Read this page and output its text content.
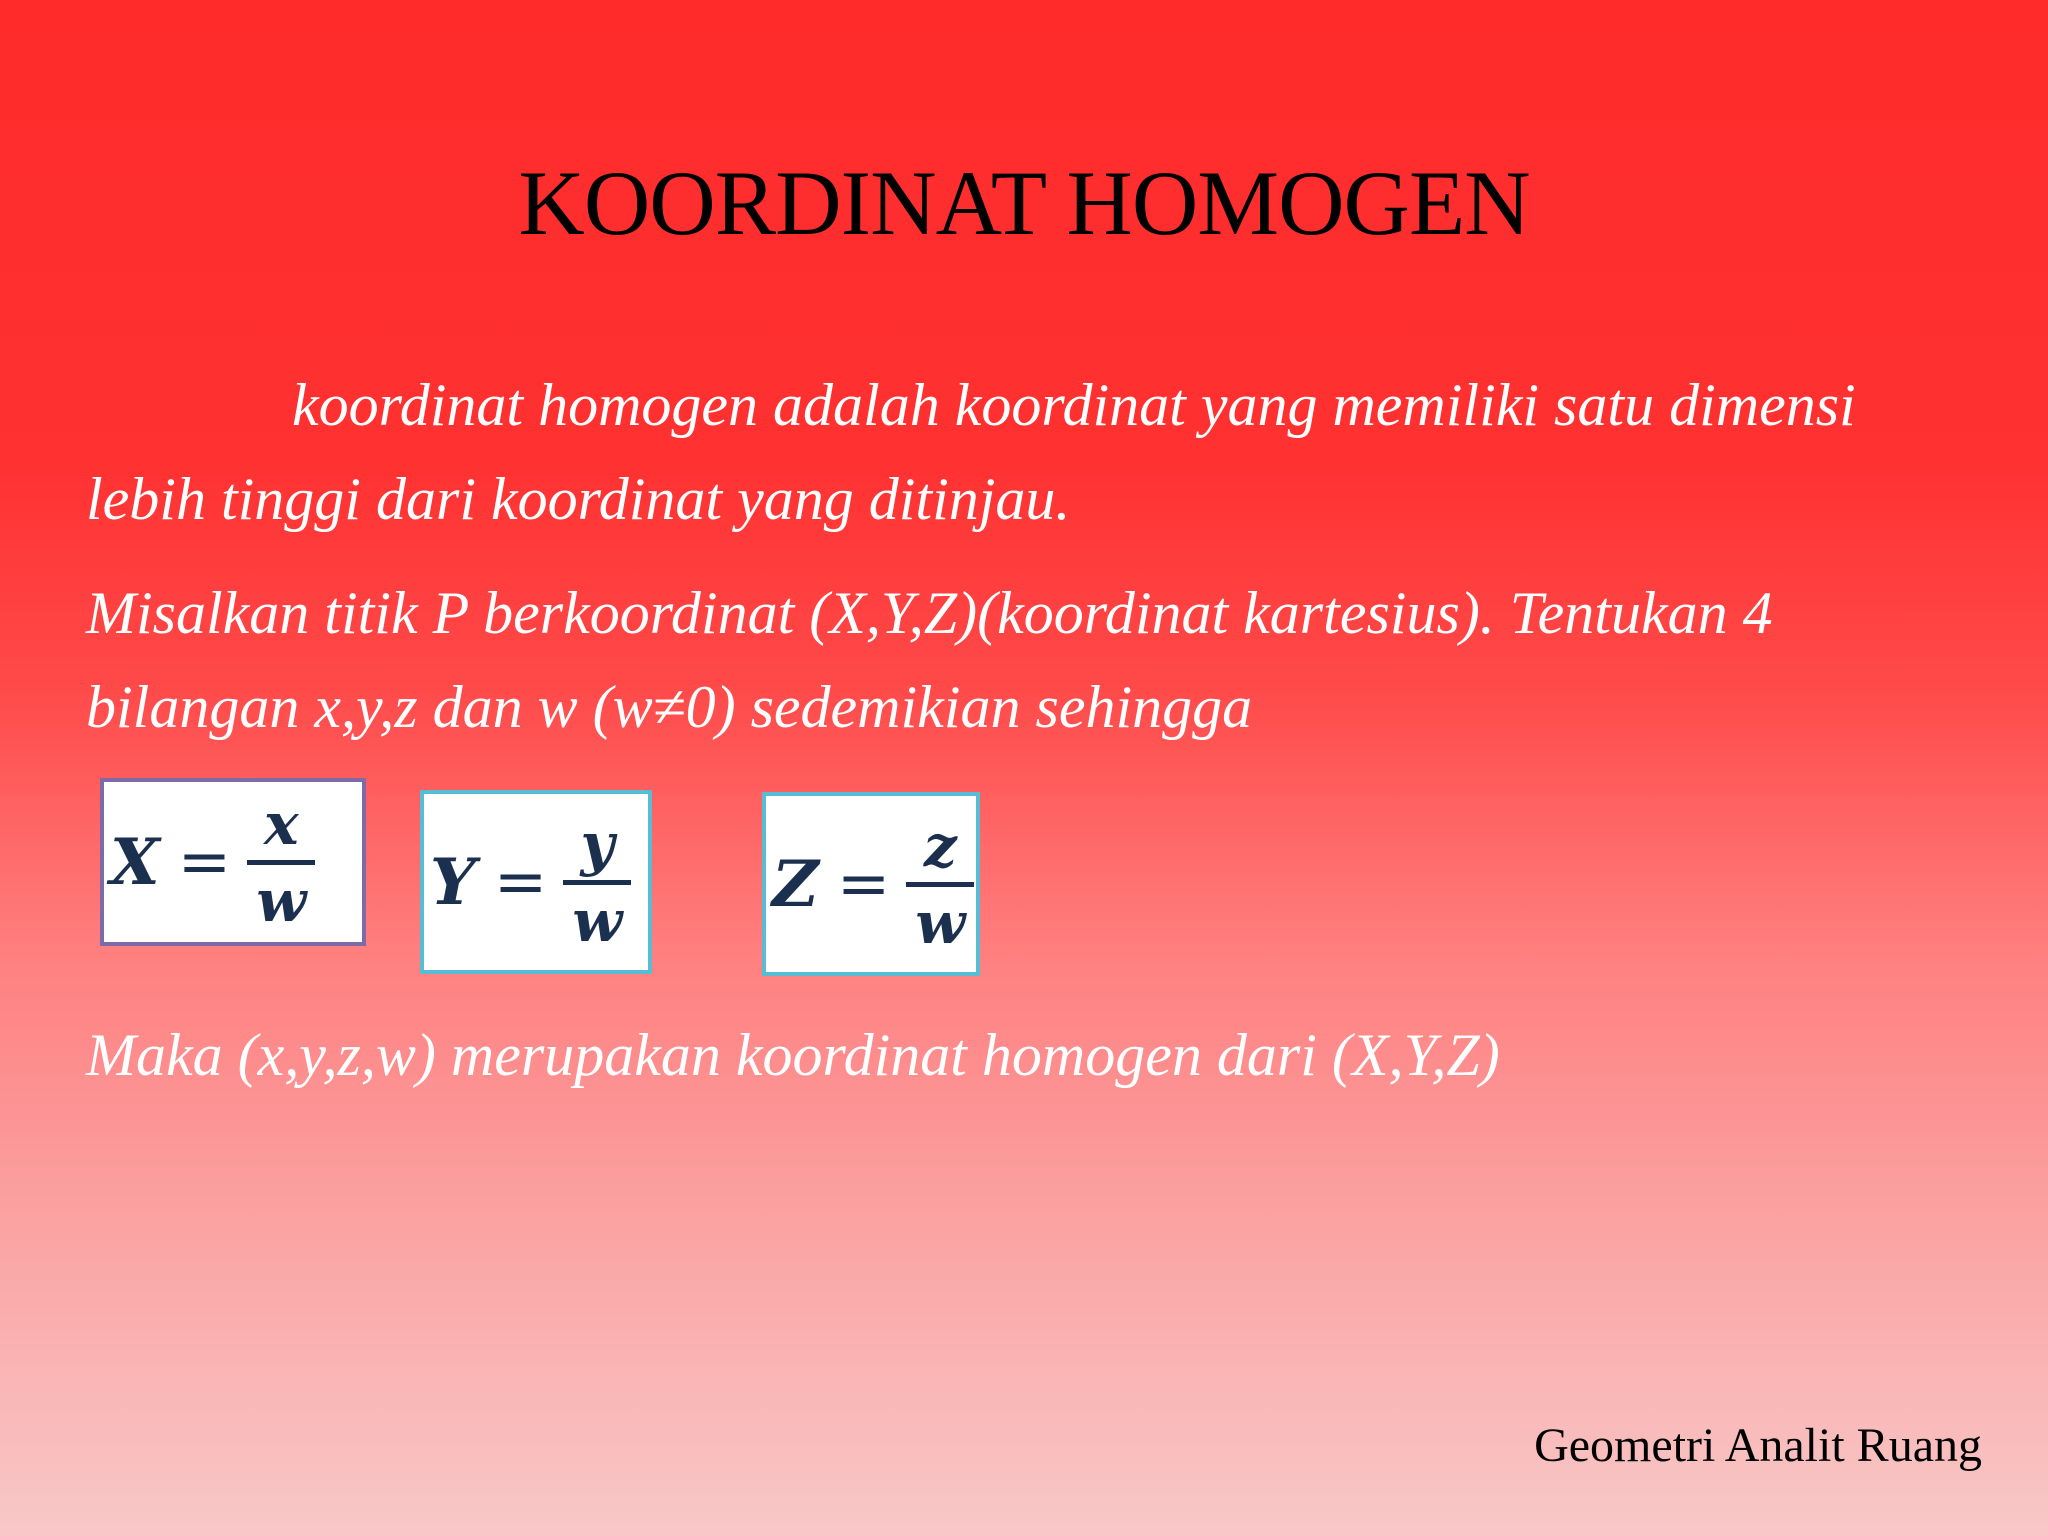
KOORDINAT HOMOGEN
koordinat homogen adalah koordinat yang memiliki satu dimensi lebih tinggi dari koordinat yang ditinjau.
Misalkan titik P berkoordinat (X,Y,Z)(koordinat kartesius). Tentukan 4 bilangan x,y,z dan w (w≠0) sedemikian sehingga
X =
x
w Y =
y
w Z =
z
w
Maka (x,y,z,w) merupakan koordinat homogen dari (X,Y,Z)
Geometri Analit Ruang
